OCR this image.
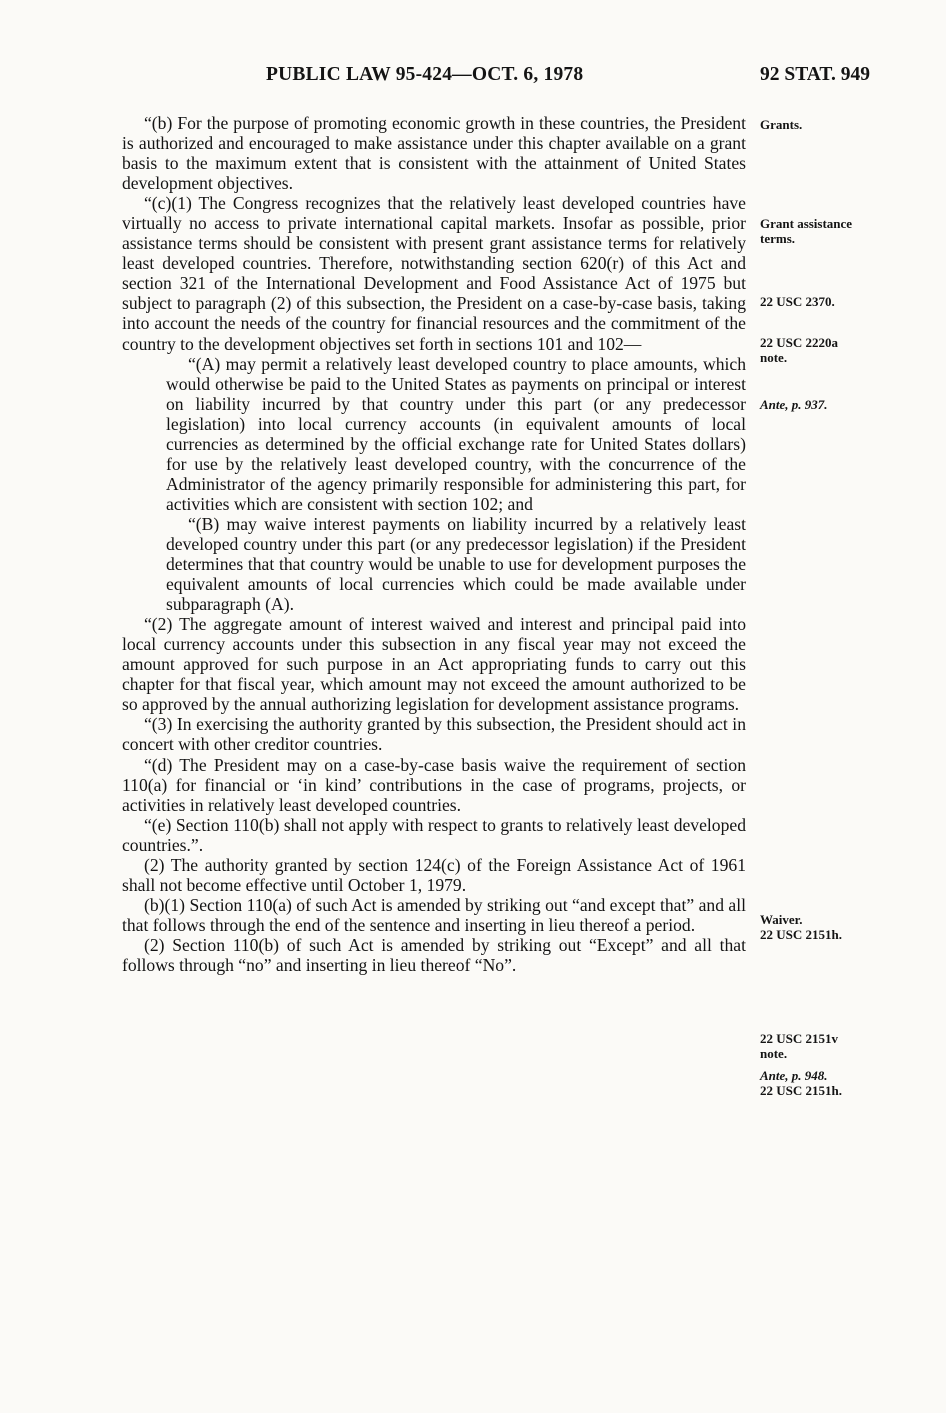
PUBLIC LAW 95-424—OCT. 6, 1978	92 STAT. 949

“(b) For the purpose of promoting economic growth in these countries, the President is authorized and encouraged to make assistance under this chapter available on a grant basis to the maximum extent that is consistent with the attainment of United States development objectives.

“(c)(1) The Congress recognizes that the relatively least developed countries have virtually no access to private international capital markets. Insofar as possible, prior assistance terms should be consistent with present grant assistance terms for relatively least developed countries. Therefore, notwithstanding section 620(r) of this Act and section 321 of the International Development and Food Assistance Act of 1975 but subject to paragraph (2) of this subsection, the President on a case-by-case basis, taking into account the needs of the country for financial resources and the commitment of the country to the development objectives set forth in sections 101 and 102—

“(A) may permit a relatively least developed country to place amounts, which would otherwise be paid to the United States as payments on principal or interest on liability incurred by that country under this part (or any predecessor legislation) into local currency accounts (in equivalent amounts of local currencies as determined by the official exchange rate for United States dollars) for use by the relatively least developed country, with the concurrence of the Administrator of the agency primarily responsible for administering this part, for activities which are consistent with section 102; and

“(B) may waive interest payments on liability incurred by a relatively least developed country under this part (or any predecessor legislation) if the President determines that that country would be unable to use for development purposes the equivalent amounts of local currencies which could be made available under subparagraph (A).

“(2) The aggregate amount of interest waived and interest and principal paid into local currency accounts under this subsection in any fiscal year may not exceed the amount approved for such purpose in an Act appropriating funds to carry out this chapter for that fiscal year, which amount may not exceed the amount authorized to be so approved by the annual authorizing legislation for development assistance programs.

“(3) In exercising the authority granted by this subsection, the President should act in concert with other creditor countries.

“(d) The President may on a case-by-case basis waive the requirement of section 110(a) for financial or ‘in kind’ contributions in the case of programs, projects, or activities in relatively least developed countries.

“(e) Section 110(b) shall not apply with respect to grants to relatively least developed countries.”.

(2) The authority granted by section 124(c) of the Foreign Assistance Act of 1961 shall not become effective until October 1, 1979.

(b)(1) Section 110(a) of such Act is amended by striking out “and except that” and all that follows through the end of the sentence and inserting in lieu thereof a period.

(2) Section 110(b) of such Act is amended by striking out “Except” and all that follows through “no” and inserting in lieu thereof “No”.

Grants.
Grant assistance
terms.
22 USC 2370.
22 USC 2220a
note.
Ante, p. 937.
Waiver.
22 USC 2151h.
22 USC 2151v
note.
Ante, p. 948.
22 USC 2151h.
